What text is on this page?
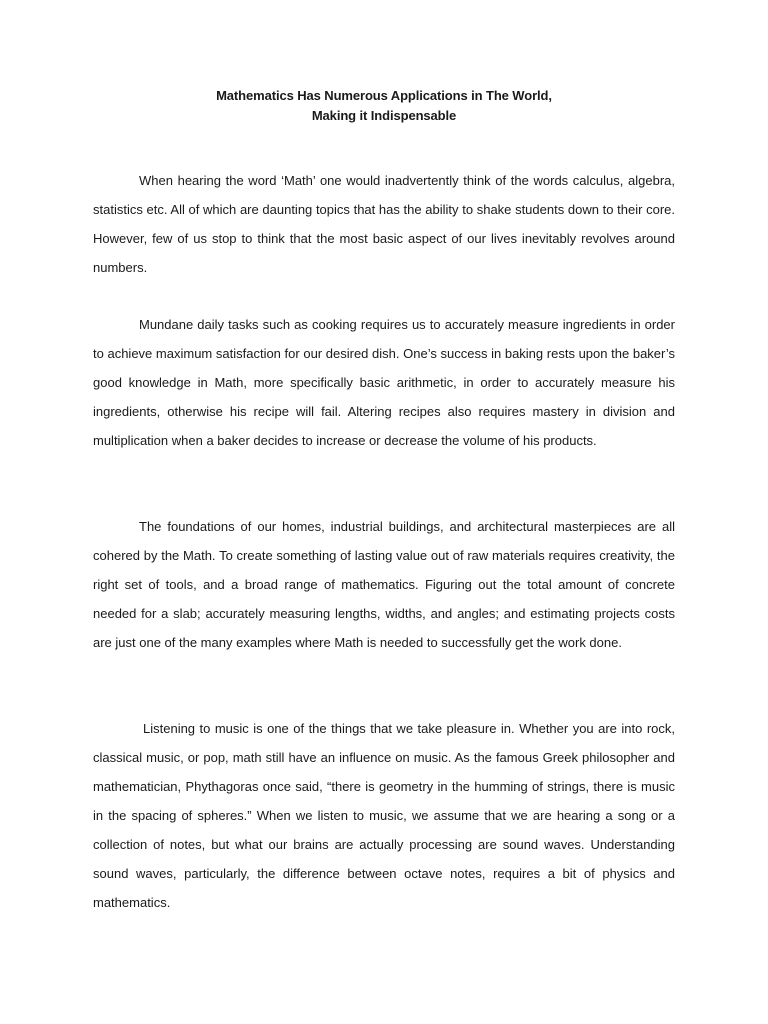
Mathematics Has Numerous Applications in The World,
Making it Indispensable

When hearing the word ‘Math’ one would inadvertently think of the words calculus, algebra, statistics etc. All of which are daunting topics that has the ability to shake students down to their core. However, few of us stop to think that the most basic aspect of our lives inevitably revolves around numbers.

Mundane daily tasks such as cooking requires us to accurately measure ingredients in order to achieve maximum satisfaction for our desired dish. One’s success in baking rests upon the baker’s good knowledge in Math, more specifically basic arithmetic, in order to accurately measure his ingredients, otherwise his recipe will fail. Altering recipes also requires mastery in division and multiplication when a baker decides to increase or decrease the volume of his products.

The foundations of our homes, industrial buildings, and architectural masterpieces are all cohered by the Math. To create something of lasting value out of raw materials requires creativity, the right set of tools, and a broad range of mathematics. Figuring out the total amount of concrete needed for a slab; accurately measuring lengths, widths, and angles; and estimating projects costs are just one of the many examples where Math is needed to successfully get the work done.

Listening to music is one of the things that we take pleasure in. Whether you are into rock, classical music, or pop, math still have an influence on music. As the famous Greek philosopher and mathematician, Phythagoras once said, “there is geometry in the humming of strings, there is music in the spacing of spheres.” When we listen to music, we assume that we are hearing a song or a collection of notes, but what our brains are actually processing are sound waves. Understanding sound waves, particularly, the difference between octave notes, requires a bit of physics and mathematics.
